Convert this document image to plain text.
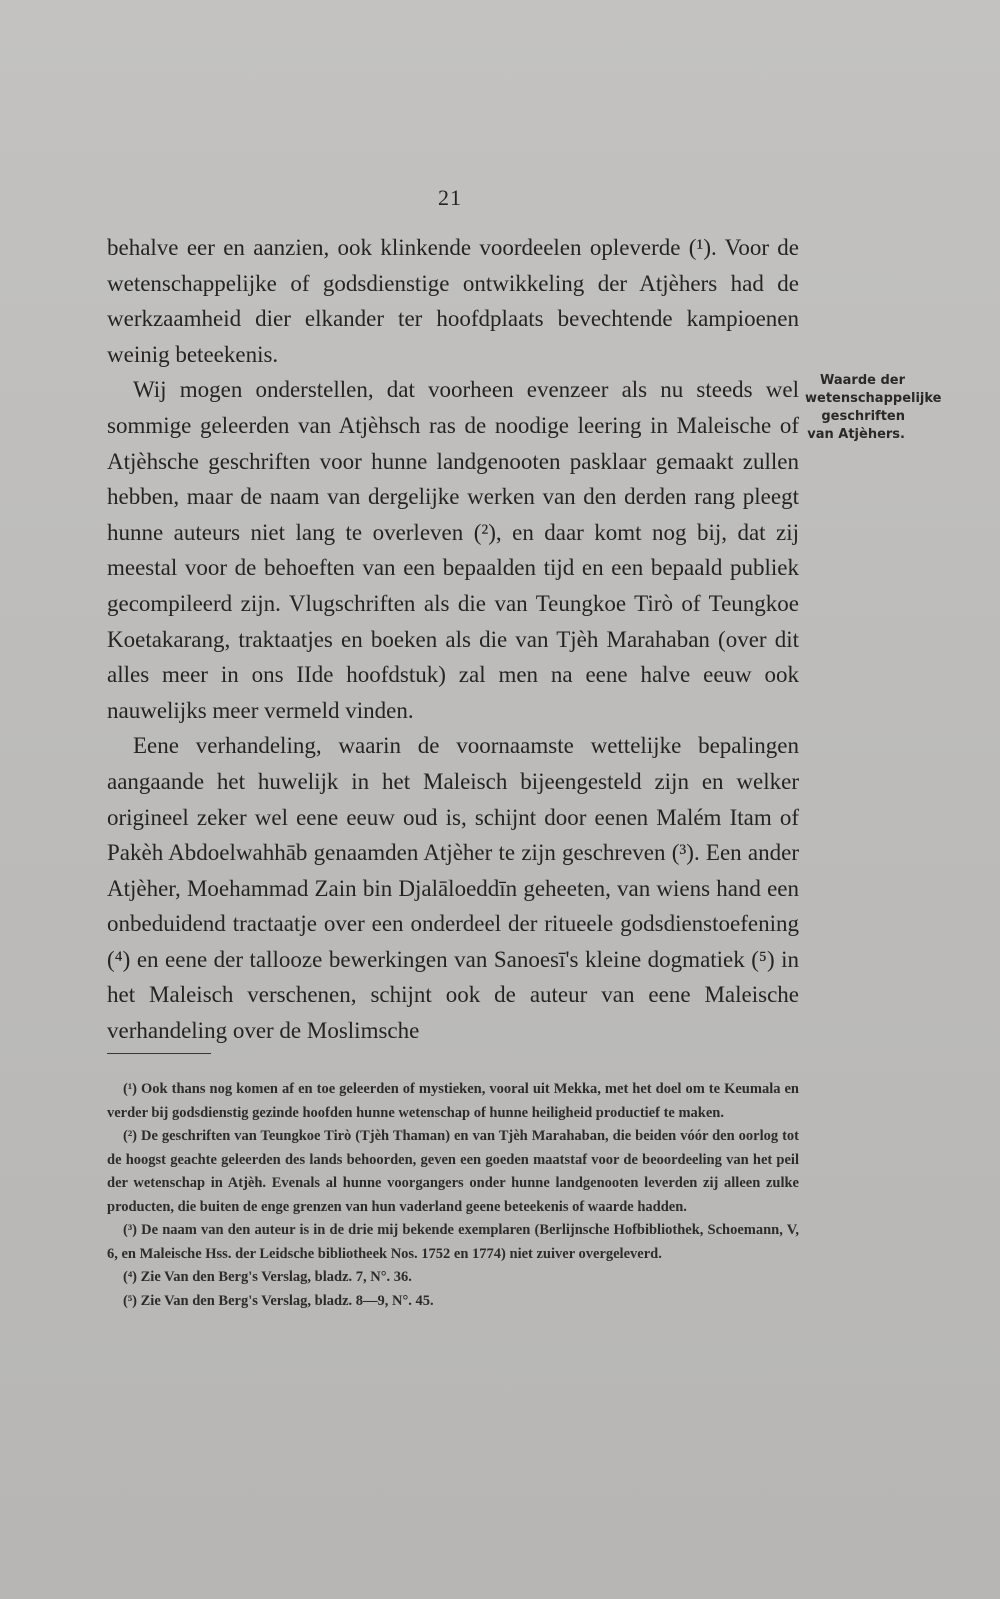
21

behalve eer en aanzien, ook klinkende voordeelen opleverde (¹). Voor de wetenschappelijke of godsdienstige ontwikkeling der Atjèhers had de werkzaamheid dier elkander ter hoofdplaats bevechtende kampioenen weinig beteekenis.

Wij mogen onderstellen, dat voorheen evenzeer als nu steeds wel sommige geleerden van Atjèhsch ras de noodige leering in Maleische of Atjèhsche geschriften voor hunne landgenooten pasklaar gemaakt zullen hebben, maar de naam van dergelijke werken van den derden rang pleegt hunne auteurs niet lang te overleven (²), en daar komt nog bij, dat zij meestal voor de behoeften van een bepaalden tijd en een bepaald publiek gecompileerd zijn. Vlugschriften als die van Teungkoe Tirò of Teungkoe Koetakarang, traktaatjes en boeken als die van Tjèh Marahaban (over dit alles meer in ons IIde hoofdstuk) zal men na eene halve eeuw ook nauwelijks meer vermeld vinden.

Eene verhandeling, waarin de voornaamste wettelijke bepalingen aangaande het huwelijk in het Maleisch bijeengesteld zijn en welker origineel zeker wel eene eeuw oud is, schijnt door eenen Malém Itam of Pakèh Abdoelwahhāb genaamden Atjèher te zijn geschreven (³). Een ander Atjèher, Moehammad Zain bin Djalāloeddīn geheeten, van wiens hand een onbeduidend tractaatje over een onderdeel der ritueele godsdienstoefening (⁴) en eene der tallooze bewerkingen van Sanoesī's kleine dogmatiek (⁵) in het Maleisch verschenen, schijnt ook de auteur van eene Maleische verhandeling over de Moslimsche

Waarde der wetenschappelijke geschriften van Atjèhers.

(¹) Ook thans nog komen af en toe geleerden of mystieken, vooral uit Mekka, met het doel om te Keumala en verder bij godsdienstig gezinde hoofden hunne wetenschap of hunne heiligheid productief te maken.

(²) De geschriften van Teungkoe Tirò (Tjèh Thaman) en van Tjèh Marahaban, die beiden vóór den oorlog tot de hoogst geachte geleerden des lands behoorden, geven een goeden maatstaf voor de beoordeeling van het peil der wetenschap in Atjèh. Evenals al hunne voorgangers onder hunne landgenooten leverden zij alleen zulke producten, die buiten de enge grenzen van hun vaderland geene beteekenis of waarde hadden.

(³) De naam van den auteur is in de drie mij bekende exemplaren (Berlijnsche Hofbibliothek, Schoemann, V, 6, en Maleische Hss. der Leidsche bibliotheek Nos. 1752 en 1774) niet zuiver overgeleverd.

(⁴) Zie Van den Berg's Verslag, bladz. 7, N°. 36.

(⁵) Zie Van den Berg's Verslag, bladz. 8—9, N°. 45.
